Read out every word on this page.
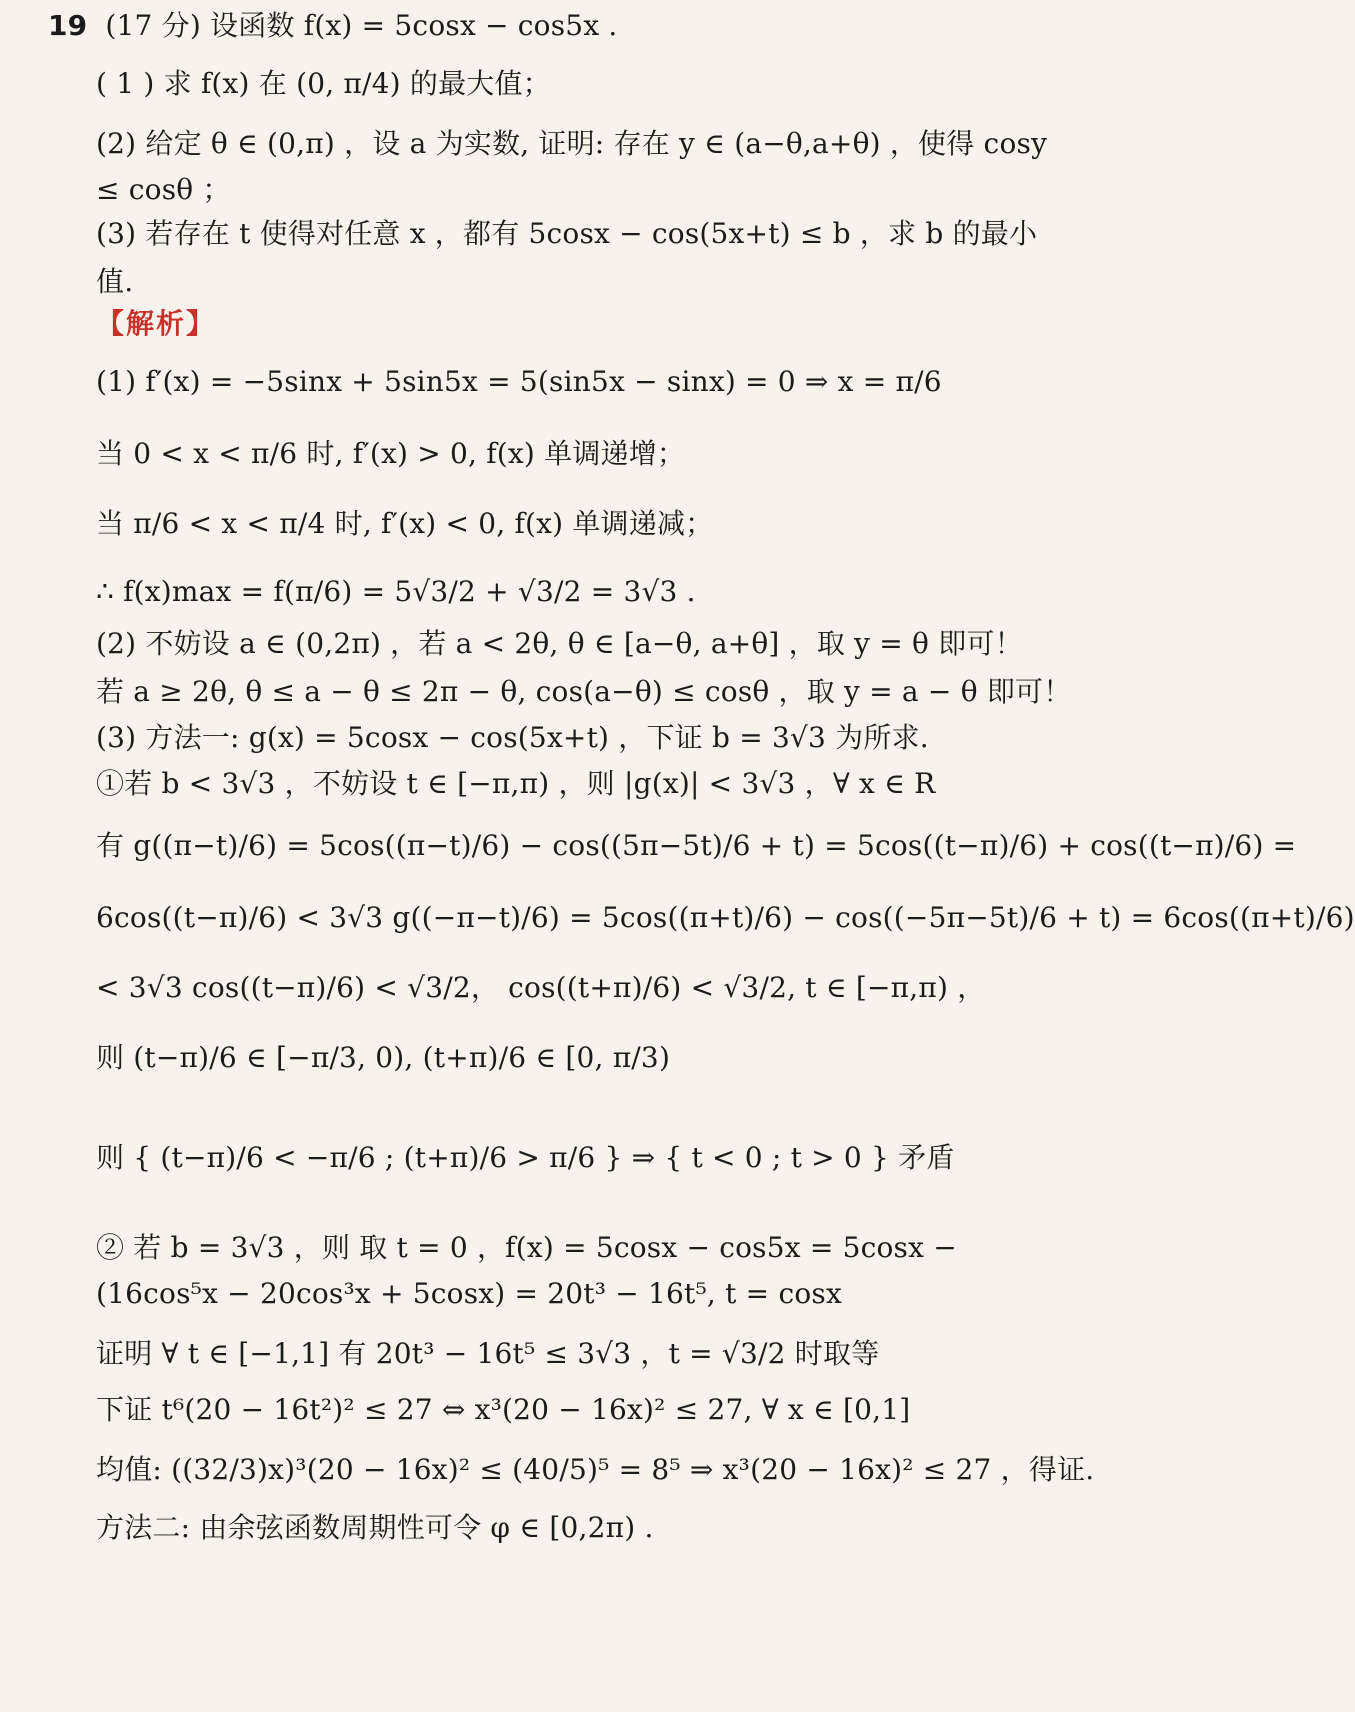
19 (17 分) 设函数 f(x) = 5cosx − cos5x .
( 1 ) 求 f(x) 在 (0, π/4) 的最大值；
(2) 给定 θ ∈ (0,π) ，设 a 为实数, 证明: 存在 y ∈ (a−θ,a+θ) ，使得 cosy
≤ cosθ ；
(3) 若存在 t 使得对任意 x ，都有 5cosx − cos(5x+t) ≤ b ，求 b 的最小
值.
【解析】
(1) f′(x) = −5sinx + 5sin5x = 5(sin5x − sinx) = 0 ⇒ x = π/6
当 0 < x < π/6 时, f′(x) > 0, f(x) 单调递增；
当 π/6 < x < π/4 时, f′(x) < 0, f(x) 单调递减；
∴ f(x)max = f(π/6) = 5√3/2 + √3/2 = 3√3 .
(2) 不妨设 a ∈ (0,2π) ，若 a < 2θ, θ ∈ [a−θ, a+θ] ，取 y = θ 即可！
若 a ≥ 2θ, θ ≤ a − θ ≤ 2π − θ, cos(a−θ) ≤ cosθ ，取 y = a − θ 即可！
(3) 方法一: g(x) = 5cosx − cos(5x+t) ，下证 b = 3√3 为所求.
①若 b < 3√3 ，不妨设 t ∈ [−π,π) ，则 |g(x)| < 3√3 ，∀ x ∈ R
有 g((π−t)/6) = 5cos((π−t)/6) − cos((5π−5t)/6 + t) = 5cos((t−π)/6) + cos((t−π)/6) =
6cos((t−π)/6) < 3√3 g((−π−t)/6) = 5cos((π+t)/6) − cos((−5π−5t)/6 + t) = 6cos((π+t)/6)
< 3√3 cos((t−π)/6) < √3/2， cos((t+π)/6) < √3/2, t ∈ [−π,π) ，
则 (t−π)/6 ∈ [−π/3, 0), (t+π)/6 ∈ [0, π/3)
则 { (t−π)/6 < −π/6 ; (t+π)/6 > π/6 } ⇒ { t < 0 ; t > 0 } 矛盾
② 若 b = 3√3 ，则 取 t = 0 ，f(x) = 5cosx − cos5x = 5cosx −
(16cos⁵x − 20cos³x + 5cosx) = 20t³ − 16t⁵, t = cosx
证明 ∀ t ∈ [−1,1] 有 20t³ − 16t⁵ ≤ 3√3 ，t = √3/2 时取等
下证 t⁶(20 − 16t²)² ≤ 27 ⇔ x³(20 − 16x)² ≤ 27, ∀ x ∈ [0,1]
均值: ((32/3)x)³(20 − 16x)² ≤ (40/5)⁵ = 8⁵ ⇒ x³(20 − 16x)² ≤ 27 ，得证.
方法二: 由余弦函数周期性可令 φ ∈ [0,2π) .
